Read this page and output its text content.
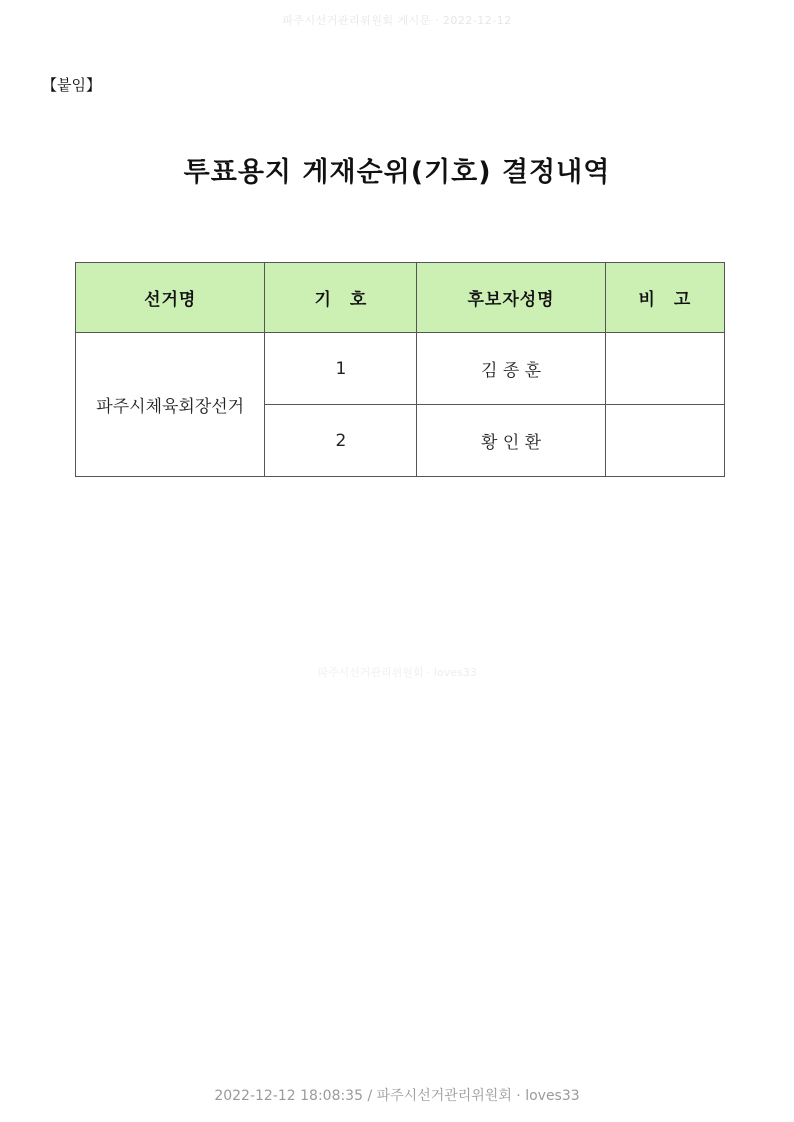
파주시선거관리위원회 게시문 · 2022-12-12
【붙임】
투표용지 게재순위(기호) 결정내역
선거명	기　호	후보자성명	비　고
파주시체육회장선거	1	김 종 훈	
	2	황 인 환	
파주시선거관리위원회 · loves33
2022-12-12 18:08:35 / 파주시선거관리위원회 · loves33
